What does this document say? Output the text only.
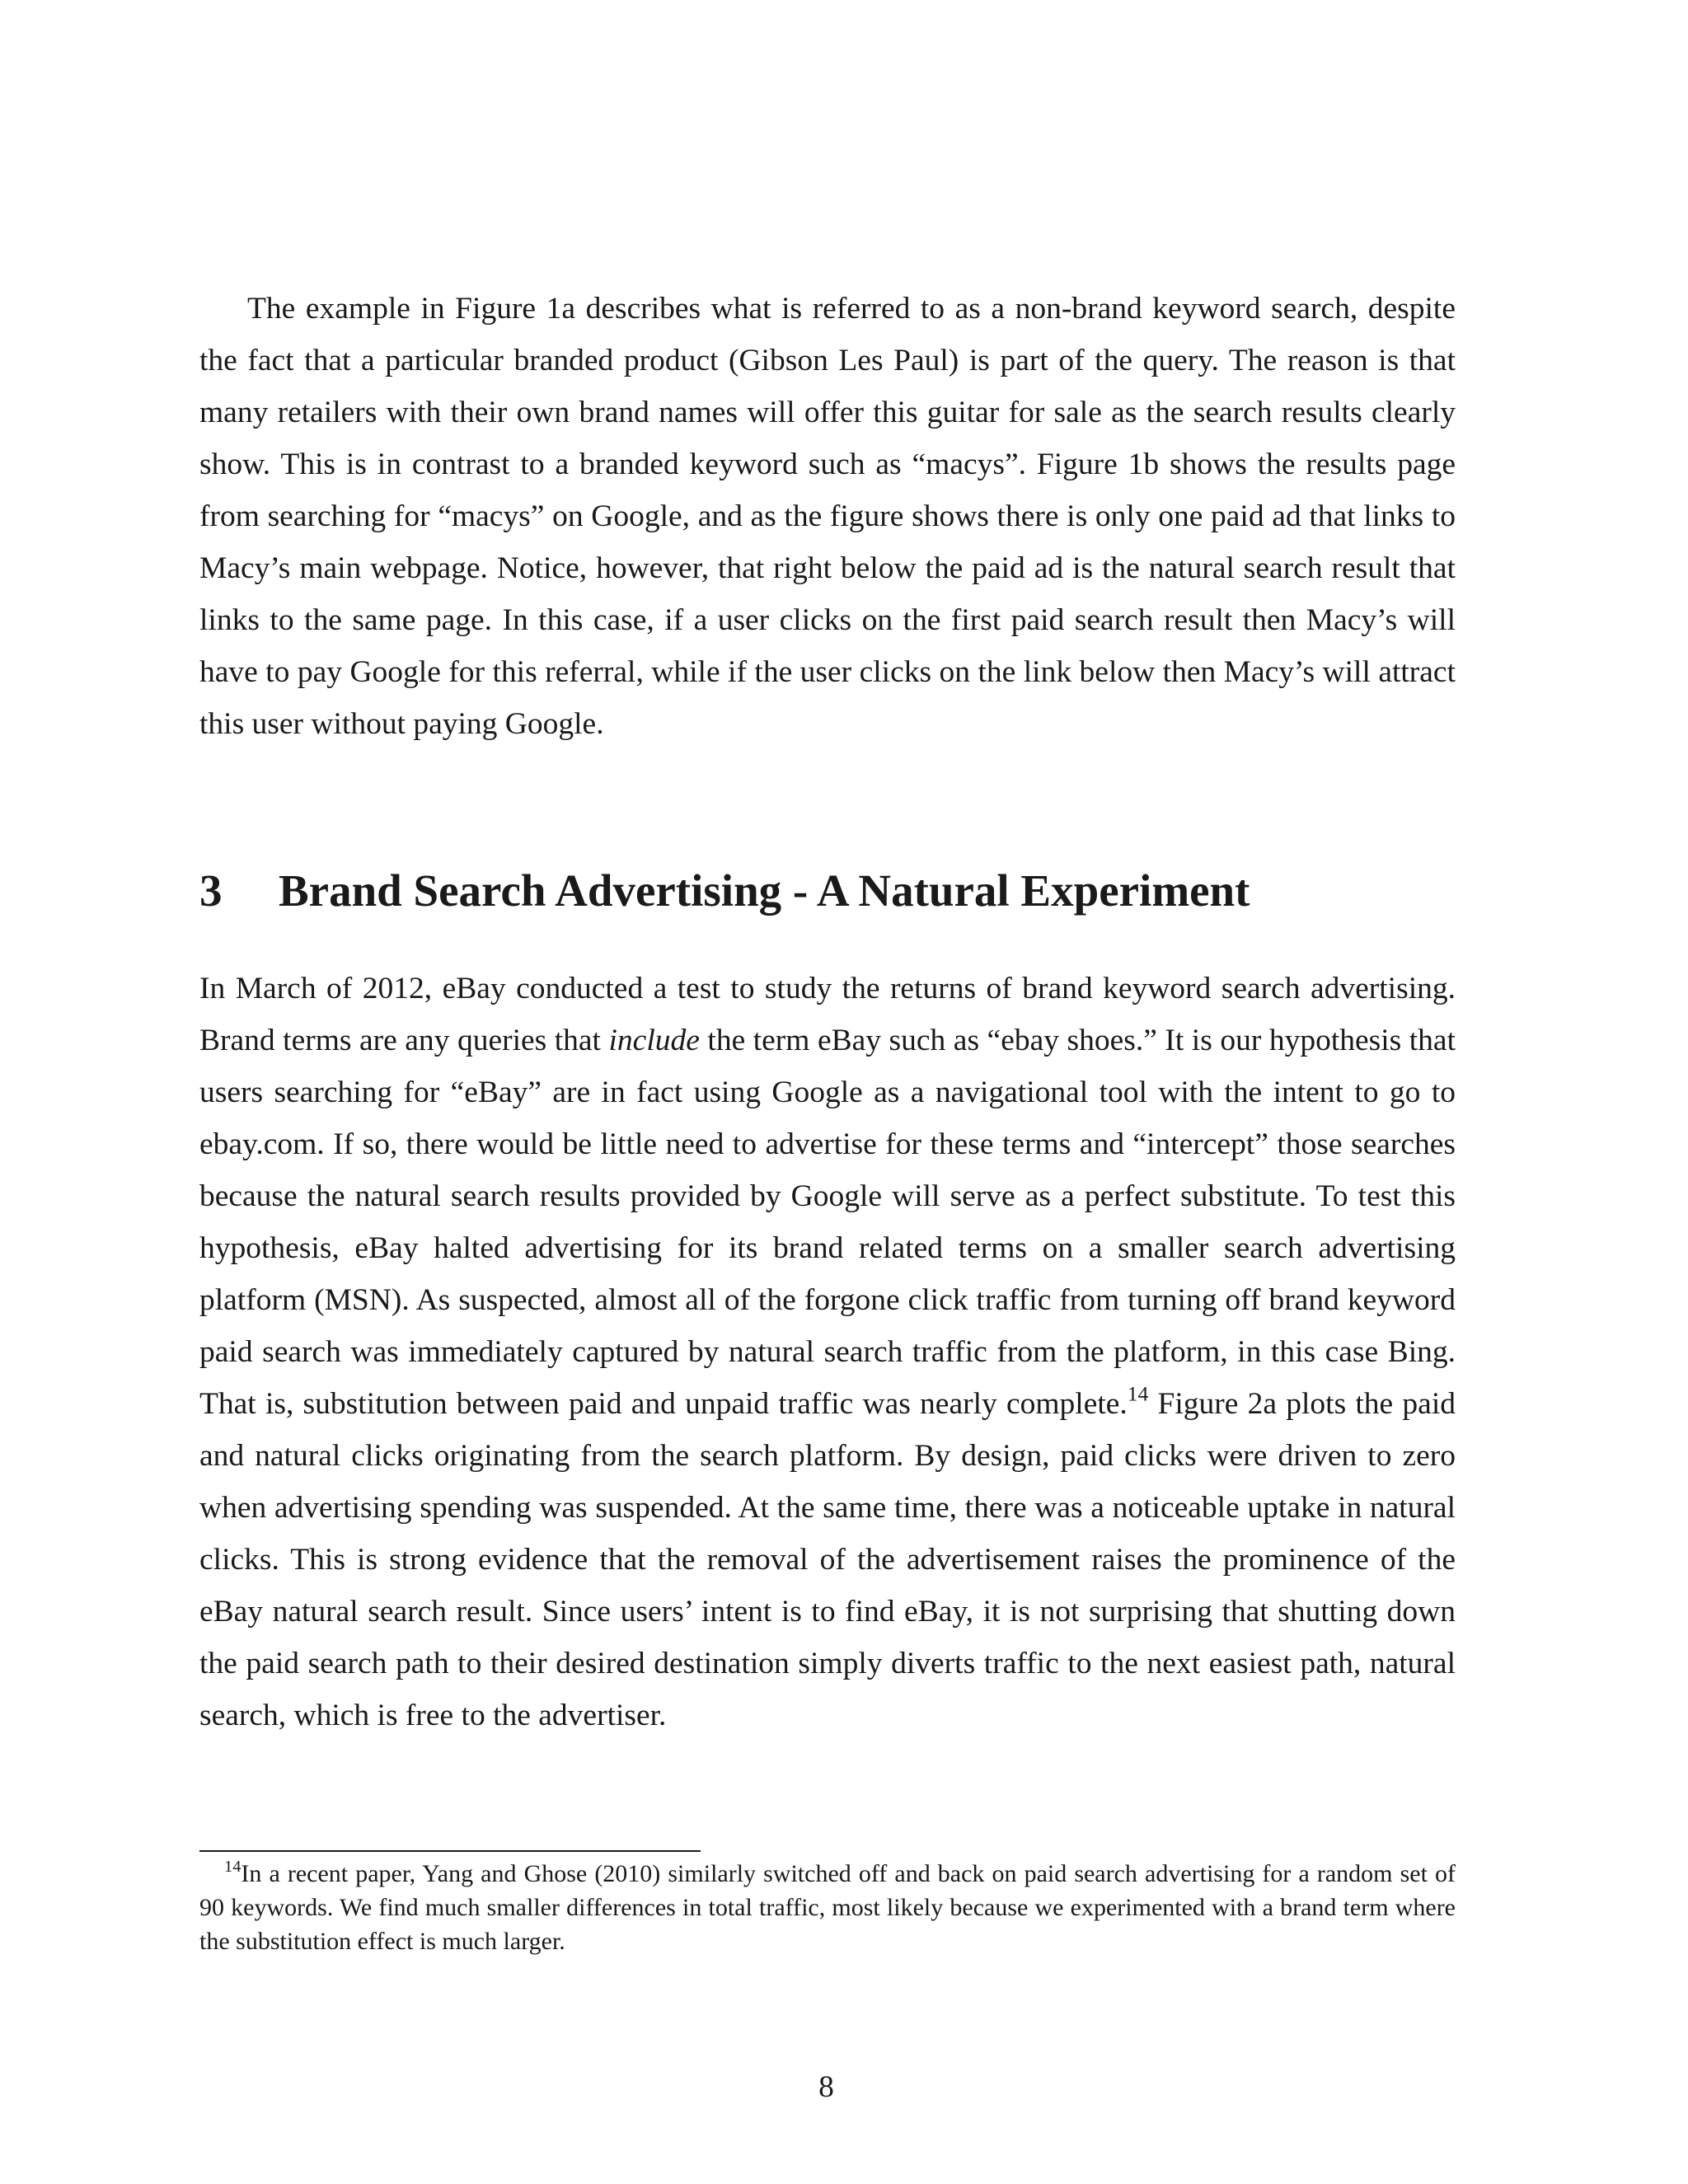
The example in Figure 1a describes what is referred to as a non-brand keyword search, despite the fact that a particular branded product (Gibson Les Paul) is part of the query. The reason is that many retailers with their own brand names will offer this guitar for sale as the search results clearly show. This is in contrast to a branded keyword such as “macys”. Figure 1b shows the results page from searching for “macys” on Google, and as the figure shows there is only one paid ad that links to Macy’s main webpage. Notice, however, that right below the paid ad is the natural search result that links to the same page. In this case, if a user clicks on the first paid search result then Macy’s will have to pay Google for this referral, while if the user clicks on the link below then Macy’s will attract this user without paying Google.

3 Brand Search Advertising - A Natural Experiment

In March of 2012, eBay conducted a test to study the returns of brand keyword search advertising. Brand terms are any queries that include the term eBay such as “ebay shoes.” It is our hypothesis that users searching for “eBay” are in fact using Google as a navigational tool with the intent to go to ebay.com. If so, there would be little need to advertise for these terms and “intercept” those searches because the natural search results provided by Google will serve as a perfect substitute. To test this hypothesis, eBay halted advertising for its brand related terms on a smaller search advertising platform (MSN). As suspected, almost all of the forgone click traffic from turning off brand keyword paid search was immediately captured by natural search traffic from the platform, in this case Bing. That is, substitution between paid and unpaid traffic was nearly complete.$^{14}$ Figure 2a plots the paid and natural clicks originating from the search platform. By design, paid clicks were driven to zero when advertising spending was suspended. At the same time, there was a noticeable uptake in natural clicks. This is strong evidence that the removal of the advertisement raises the prominence of the eBay natural search result. Since users’ intent is to find eBay, it is not surprising that shutting down the paid search path to their desired destination simply diverts traffic to the next easiest path, natural search, which is free to the advertiser.

$^{14}$In a recent paper, Yang and Ghose (2010) similarly switched off and back on paid search advertising for a random set of 90 keywords. We find much smaller differences in total traffic, most likely because we experimented with a brand term where the substitution effect is much larger.

8
